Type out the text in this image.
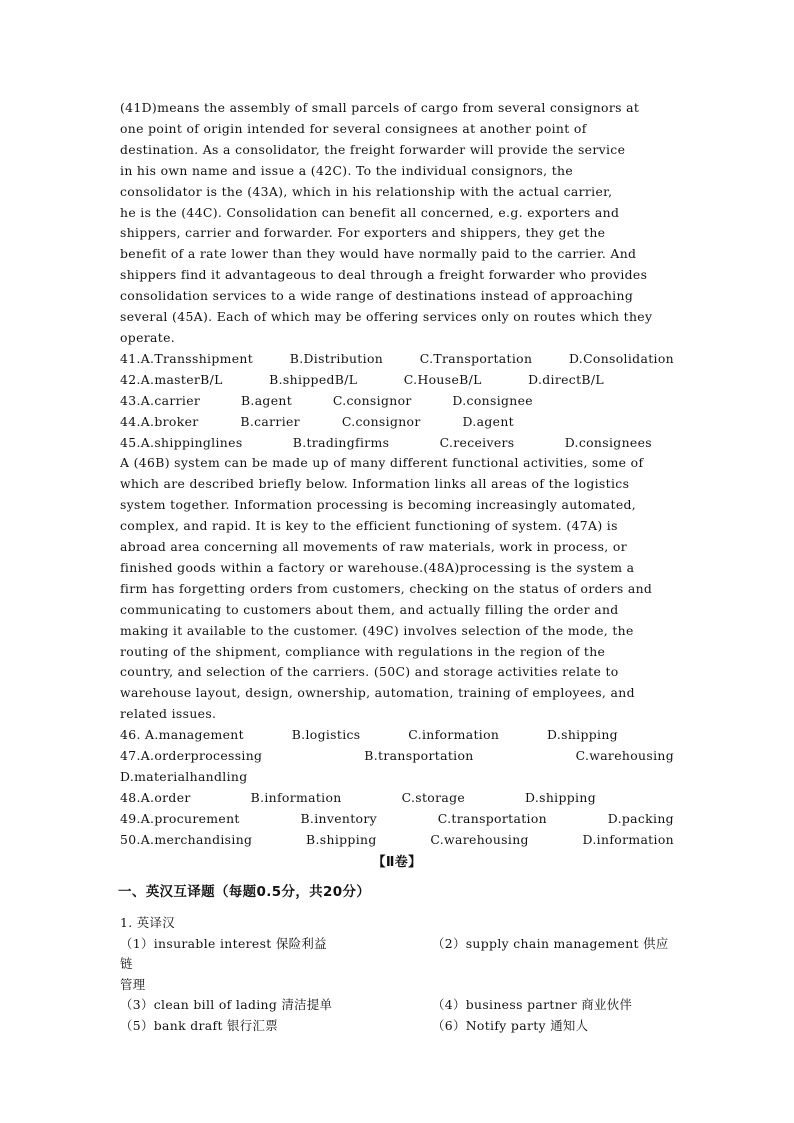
(41D)means the assembly of small parcels of cargo from several consignors at

one point of origin intended for several consignees at another point of

destination. As a consolidator, the freight forwarder will provide the service

in his own name and issue a (42C). To the individual consignors, the

consolidator is the (43A), which in his relationship with the actual carrier,

he is the (44C). Consolidation can benefit all concerned, e.g. exporters and

shippers, carrier and forwarder. For exporters and shippers, they get the

benefit of a rate lower than they would have normally paid to the carrier. And

shippers find it advantageous to deal through a freight forwarder who provides

consolidation services to a wide range of destinations instead of approaching

several (45A). Each of which may be offering services only on routes which they

operate.

41.A.Transshipment	B.Distribution	C.Transportation	D.Consolidation
42.A.masterB/L	B.shippedB/L	C.HouseB/L	D.directB/L
43.A.carrier	B.agent	C.consignor	D.consignee
44.A.broker	B.carrier	C.consignor	D.agent
45.A.shippinglines	B.tradingfirms	C.receivers	D.consignees

A (46B) system can be made up of many different functional activities, some of

which are described briefly below. Information links all areas of the logistics

system together. Information processing is becoming increasingly automated,

complex, and rapid. It is key to the efficient functioning of system. (47A) is

abroad area concerning all movements of raw materials, work in process, or

finished goods within a factory or warehouse.(48A)processing is the system a

firm has forgetting orders from customers, checking on the status of orders and

communicating to customers about them, and actually filling the order and

making it available to the customer. (49C) involves selection of the mode, the

routing of the shipment, compliance with regulations in the region of the

country, and selection of the carriers. (50C) and storage activities relate to

warehouse layout, design, ownership, automation, training of employees, and

related issues.

46. A.management	B.logistics	C.information	D.shipping
47.A.orderprocessing	B.transportation	C.warehousing
D.materialhandling
48.A.order	B.information	C.storage	D.shipping
49.A.procurement	B.inventory	C.transportation	D.packing
50.A.merchandising	B.shipping	C.warehousing	D.information
【Ⅱ卷】
一、英汉互译题（每题0.5分，共20分）
1. 英译汉
（1）insurable interest 保险利益	（2）supply chain management 供应链
管理
（3）clean bill of lading 清洁提单	（4）business partner 商业伙伴
（5）bank draft 银行汇票	（6）Notify party 通知人
